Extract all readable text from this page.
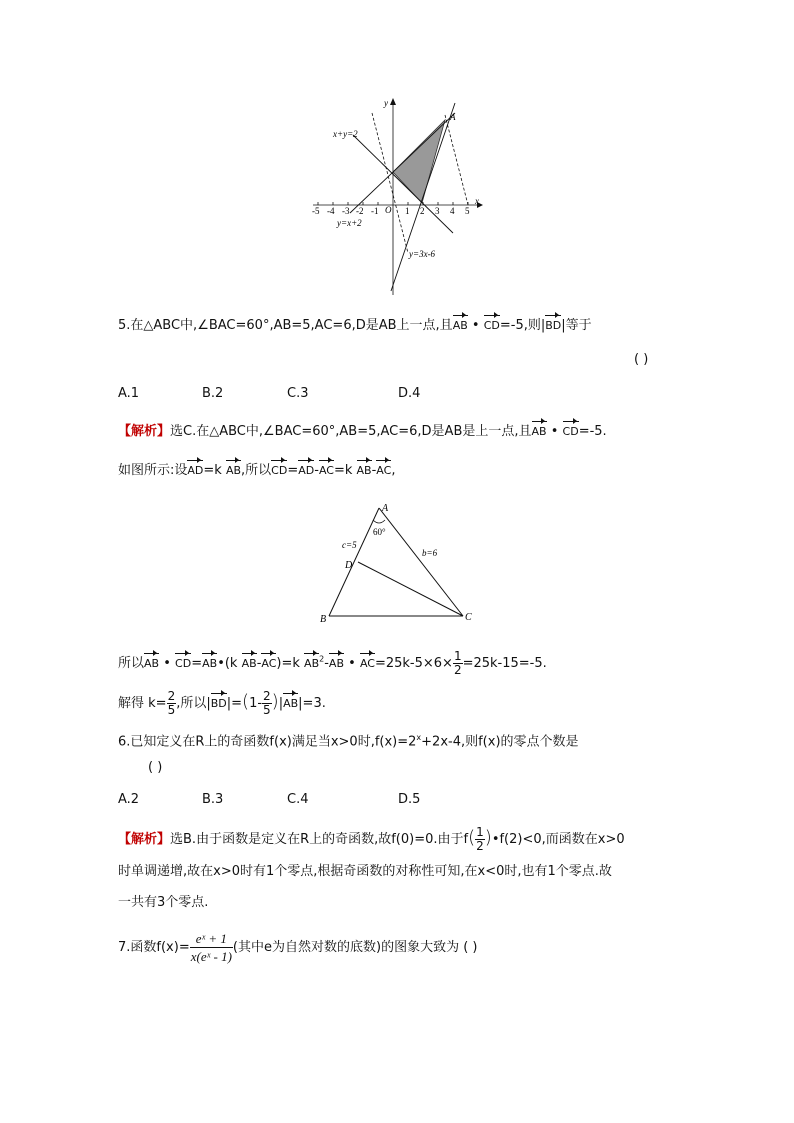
y
x
A
x+y=2
y=x+2
y=3x-6
O
-5 -4 -3 -2 -1	1 2 3 4 5
5.在△ABC中,∠BAC=60°,AB=5,AC=6,D是AB上一点,且AB • CD=-5,则|BD|等于
( )
A.1	B.2	C.3	D.4
【解析】选C.在△ABC中,∠BAC=60°,AB=5,AC=6,D是AB是上一点,且AB • CD=-5.
如图所示:设AD=k AB,所以CD=AD-AC=k AB-AC,
A
B	C
D
60°
c=5
b=6
所以AB • CD=AB•(k AB-AC)=k $AB^2-AB$ • $AC=25k-5\times 6\times \frac{1}{2} =25k-15=-5$.
解得 $k= \frac{2}{5}$ ,所以$|BD|=(1- \frac{2}{5} )|AB|=3$.
6.已知定义在R上的奇函数f(x)满足当x>0时$,f(x)=2^x+2x-4$,则f(x)的零点个数是
( )
A.2	B.3	C.4	D.5
【解析】选B.由于函数是定义在R上的奇函数,故f(0)=0.由于$f( \frac{1}{2}$ )•f(2)<0,而函数在x>0
时单调递增,故在x>0时有1个零点,根据奇函数的对称性可知,在x<0时,也有1个零点.故
一共有3个零点.
7.函数$f(x)= \frac{\text{eˣ + 1}}{\text{x(eˣ - 1)}}$ (其中e为自然对数的底数)的图象大致为 ( )
